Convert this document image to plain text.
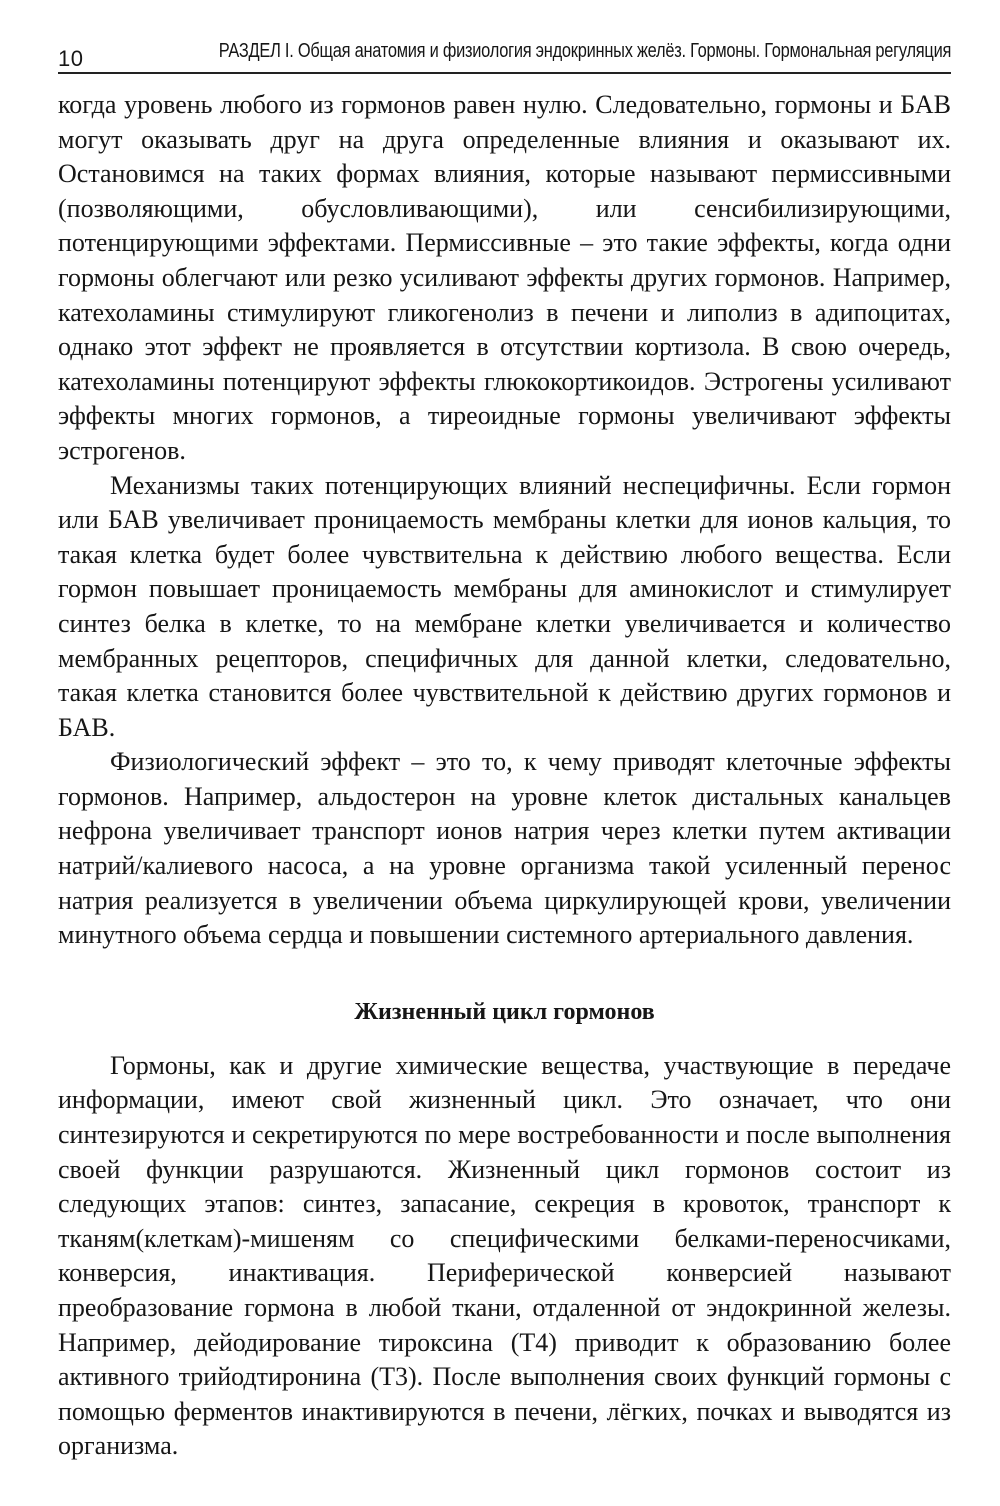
10	РАЗДЕЛ I. Общая анатомия и физиология эндокринных желёз. Гормоны. Гормональная регуляция

когда уровень любого из гормонов равен нулю. Следовательно, гормоны и БАВ могут оказывать друг на друга определенные влияния и оказывают их. Остановимся на таких формах влияния, которые называют пермиссивными (позволяющими, обусловливающими), или сенсибилизирующими, потенцирующими эффектами. Пермиссивные – это такие эффекты, когда одни гормоны облегчают или резко усиливают эффекты других гормонов. Например, катехоламины стимулируют гликогенолиз в печени и липолиз в адипоцитах, однако этот эффект не проявляется в отсутствии кортизола. В свою очередь, катехоламины потенцируют эффекты глюкокортикоидов. Эстрогены усиливают эффекты многих гормонов, а тиреоидные гормоны увеличивают эффекты эстрогенов.

Механизмы таких потенцирующих влияний неспецифичны. Если гормон или БАВ увеличивает проницаемость мембраны клетки для ионов кальция, то такая клетка будет более чувствительна к действию любого вещества. Если гормон повышает проницаемость мембраны для аминокислот и стимулирует синтез белка в клетке, то на мембране клетки увеличивается и количество мембранных рецепторов, специфичных для данной клетки, следовательно, такая клетка становится более чувствительной к действию других гормонов и БАВ.

Физиологический эффект – это то, к чему приводят клеточные эффекты гормонов. Например, альдостерон на уровне клеток дистальных канальцев нефрона увеличивает транспорт ионов натрия через клетки путем активации натрий/калиевого насоса, а на уровне организма такой усиленный перенос натрия реализуется в увеличении объема циркулирующей крови, увеличении минутного объема сердца и повышении системного артериального давления.

Жизненный цикл гормонов

Гормоны, как и другие химические вещества, участвующие в передаче информации, имеют свой жизненный цикл. Это означает, что они синтезируются и секретируются по мере востребованности и после выполнения своей функции разрушаются. Жизненный цикл гормонов состоит из следующих этапов: синтез, запасание, секреция в кровоток, транспорт к тканям(клеткам)-мишеням со специфическими белками-переносчиками, конверсия, инактивация. Периферической конверсией называют преобразование гормона в любой ткани, отдаленной от эндокринной железы. Например, дейодирование тироксина (Т4) приводит к образованию более активного трийодтиронина (Т3). После выполнения своих функций гормоны с помощью ферментов инактивируются в печени, лёгких, почках и выводятся из организма.
